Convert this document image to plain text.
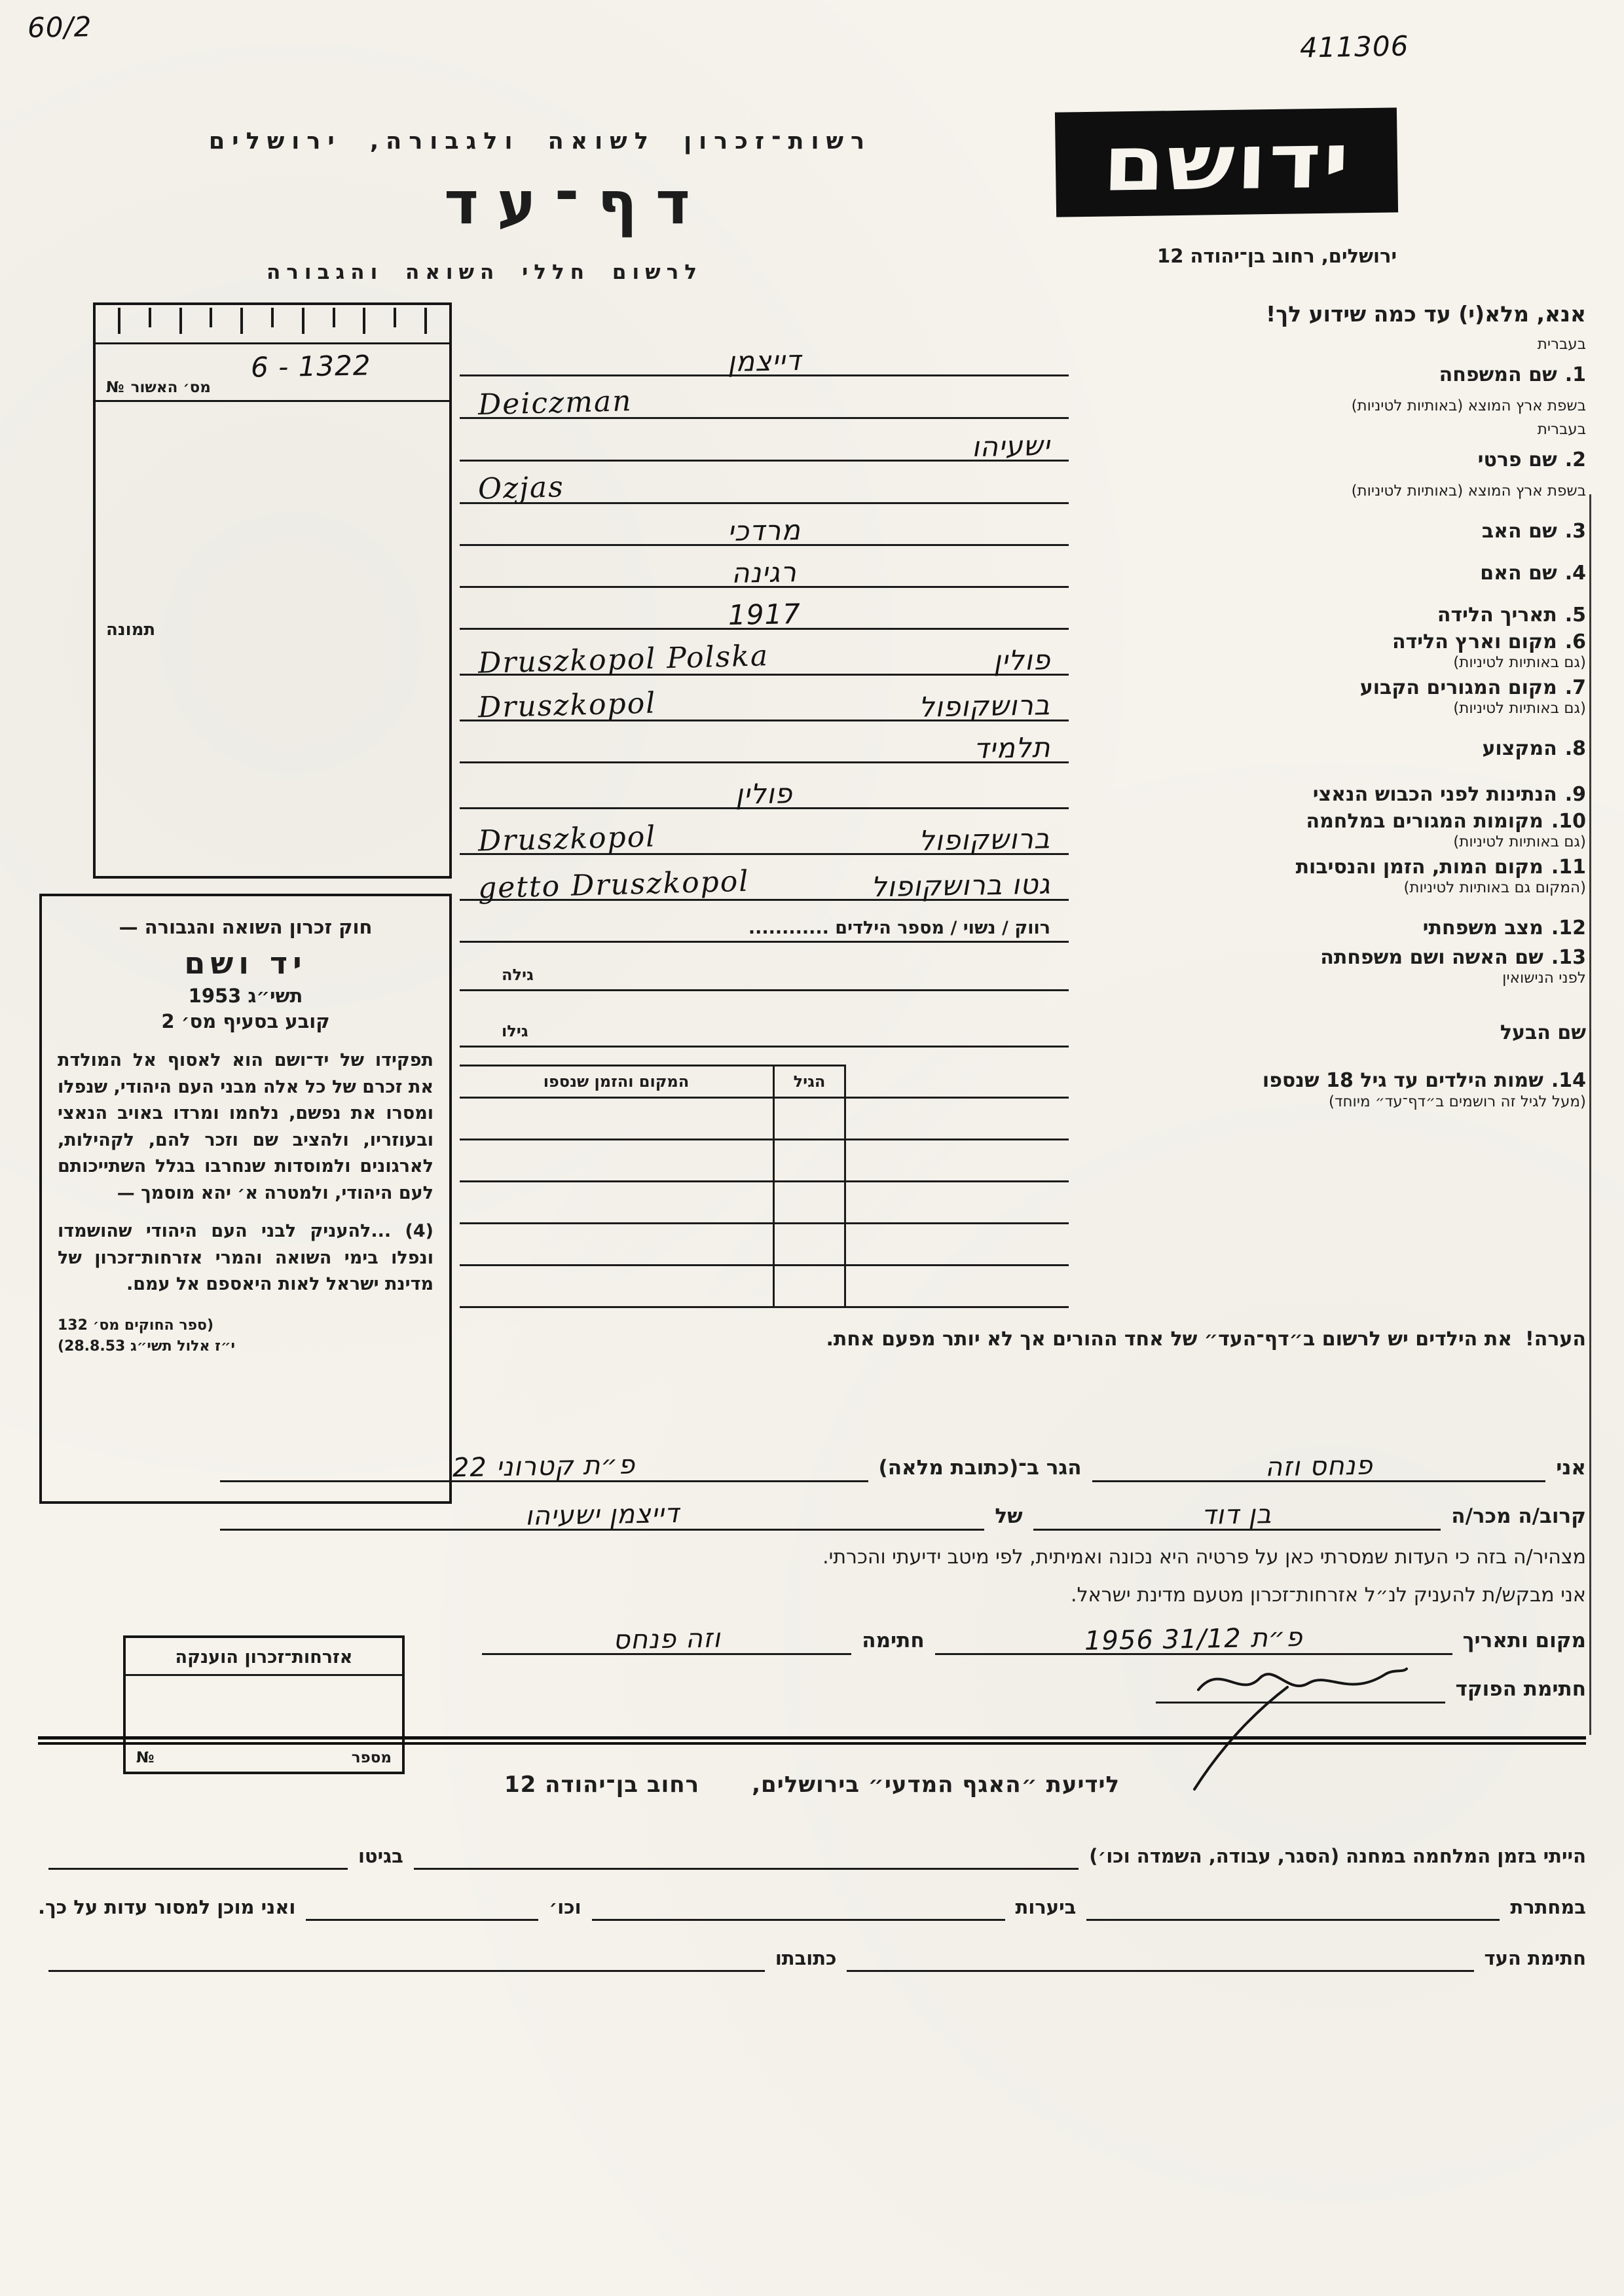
60/2
411306
רשות־זכרון לשואה ולגבורה, ירושלים	ידושם
ירושלים, רחוב בן־יהודה 12
דף־עד
לרשום חללי השואה והגבורה
אנא, מלא(י) עד כמה שידוע לך!
1322 - 6
מס׳ האשור
№
תמונה
חוק זכרון השואה והגבורה —
יד ושם
תשי״ג 1953
קובע בסעיף מס׳ 2
תפקידו של יד־ושם הוא לאסוף אל המולדת את זכרם של כל אלה מבני העם היהודי, שנפלו ומסרו את נפשם, נלחמו ומרדו באויב הנאצי ובעוזריו, ולהציב שם וזכר להם, לקהילות, לארגונים ולמוסדות שנחרבו בגלל השתייכותם לעם היהודי, ולמטרה א׳ יהא מוסמך —
(4) ...להעניק לבני העם היהודי שהושמדו ונפלו בימי השואה והמרי אזרחות־זכרון של מדינת ישראל לאות היאספם אל עמם.
(ספר החוקים מס׳ 132
י״ז אלול תשי״ג 28.8.53)
בעברית
1.שם המשפחה
בשפת ארץ המוצא (באותיות לטיניות)
דייצמן
Deiczman
בעברית
2.שם פרטי
בשפת ארץ המוצא (באותיות לטיניות)
ישעיהו
Ozjas
3.שם האב
מרדכי
4.שם האם
רגינה
5.תאריך הלידה
1917
6.מקום וארץ הלידה
(גם באותיות לטיניות)
פולין
Druszkopol Polska
7.מקום המגורים הקבוע
(גם באותיות לטיניות)
ברושקופול
Druszkopol
8.המקצוע
תלמיד
9.הנתינות לפני הכבוש הנאצי
פולין
10.מקומות המגורים במלחמה
(גם באותיות לטיניות)
ברושקופול
Druszkopol
11.מקום המות, הזמן והנסיבות
(המקום גם באותיות לטיניות)
גטו ברושקופול
getto Druszkopol
12.מצב משפחתי
רווק / נשוי / מספר הילדים ............
13.שם האשה ושם משפחתה
לפני הנישואין
גילה
שם הבעל
גילו
14.שמות הילדים עד גיל 18 שנספו
(מעל לגיל זה רושמים ב״דף־עד״ מיוחד)
הגיל
המקום והזמן שנספו
הערה!
את הילדים יש לרשום ב״דף־העד״ של אחד ההורים אך לא יותר מפעם אחת.
אני
פנחס וזה
הגר ב־(כתובת מלאה)
פ״ת קטרוני 22
קרוב/ה מכר/ה
בן דוד
של
דייצמן ישעיהו
מצהיר/ה בזה כי העדות שמסרתי כאן על פרטיה היא נכונה ואמיתית, לפי מיטב ידיעתי והכרתי.
אני מבקש/ת להעניק לנ״ל אזרחות־זכרון מטעם מדינת ישראל.
מקום ותאריך
פ״ת 31/12 1956
חתימה
וזה פנחס
חתימת הפוקד
אזרחות־זכרון הוענקה
מספר
№
לידיעת ״האגף המדעי״ בירושלים,
רחוב בן־יהודה 12
הייתי בזמן המלחמה במחנה (הסגר, עבודה, השמדה וכו׳)
בגיטו
במחתרת
ביערות
וכו׳
ואני מוכן למסור עדות על כך.
חתימת העד
כתובתו
